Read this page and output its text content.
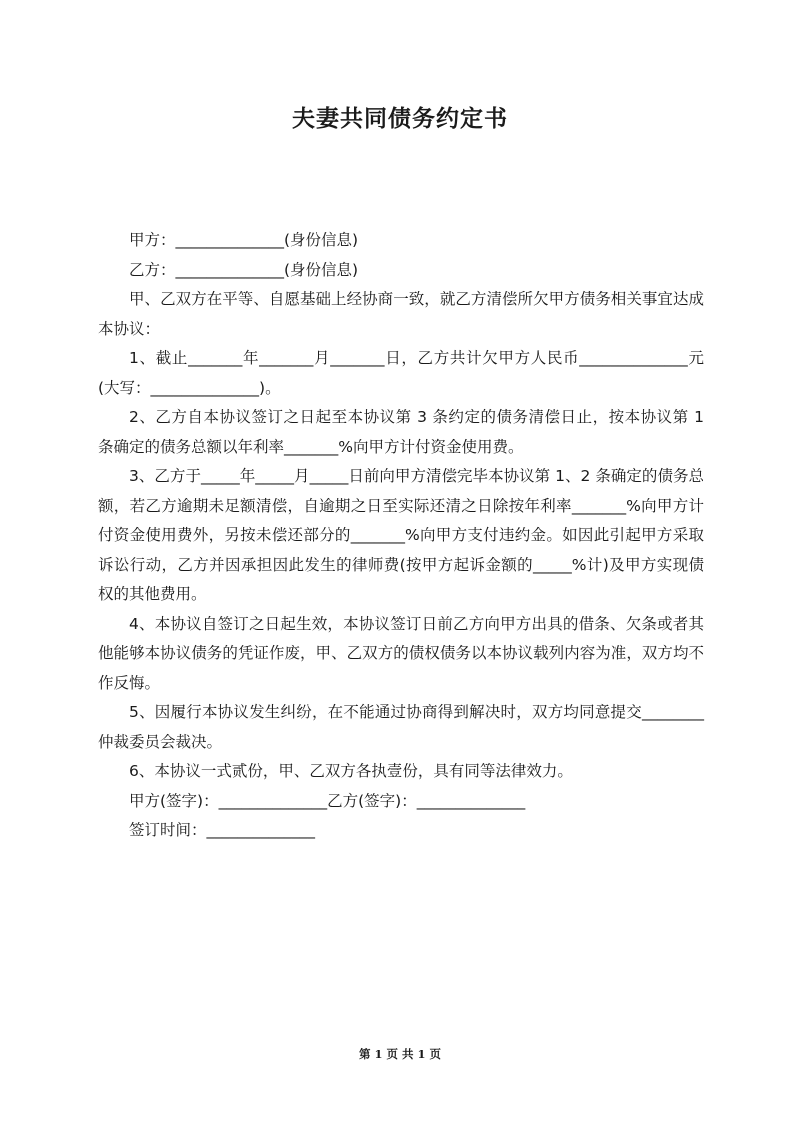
夫妻共同债务约定书

甲方：______________(身份信息)

乙方：______________(身份信息)

甲、乙双方在平等、自愿基础上经协商一致，就乙方清偿所欠甲方债务相关事宜达成本协议：

1、截止_______年_______月_______日，乙方共计欠甲方人民币______________元(大写：______________)。

2、乙方自本协议签订之日起至本协议第 3 条约定的债务清偿日止，按本协议第 1 条确定的债务总额以年利率_______%向甲方计付资金使用费。

3、乙方于_____年_____月_____日前向甲方清偿完毕本协议第 1、2 条确定的债务总额，若乙方逾期未足额清偿，自逾期之日至实际还清之日除按年利率_______%向甲方计付资金使用费外，另按未偿还部分的_______%向甲方支付违约金。如因此引起甲方采取诉讼行动，乙方并因承担因此发生的律师费(按甲方起诉金额的_____%计)及甲方实现债权的其他费用。

4、本协议自签订之日起生效，本协议签订日前乙方向甲方出具的借条、欠条或者其他能够本协议债务的凭证作废，甲、乙双方的债权债务以本协议载列内容为准，双方均不作反悔。

5、因履行本协议发生纠纷，在不能通过协商得到解决时，双方均同意提交________仲裁委员会裁决。

6、本协议一式贰份，甲、乙双方各执壹份，具有同等法律效力。

甲方(签字)：______________乙方(签字)：______________

签订时间：______________

第 1 页 共 1 页
